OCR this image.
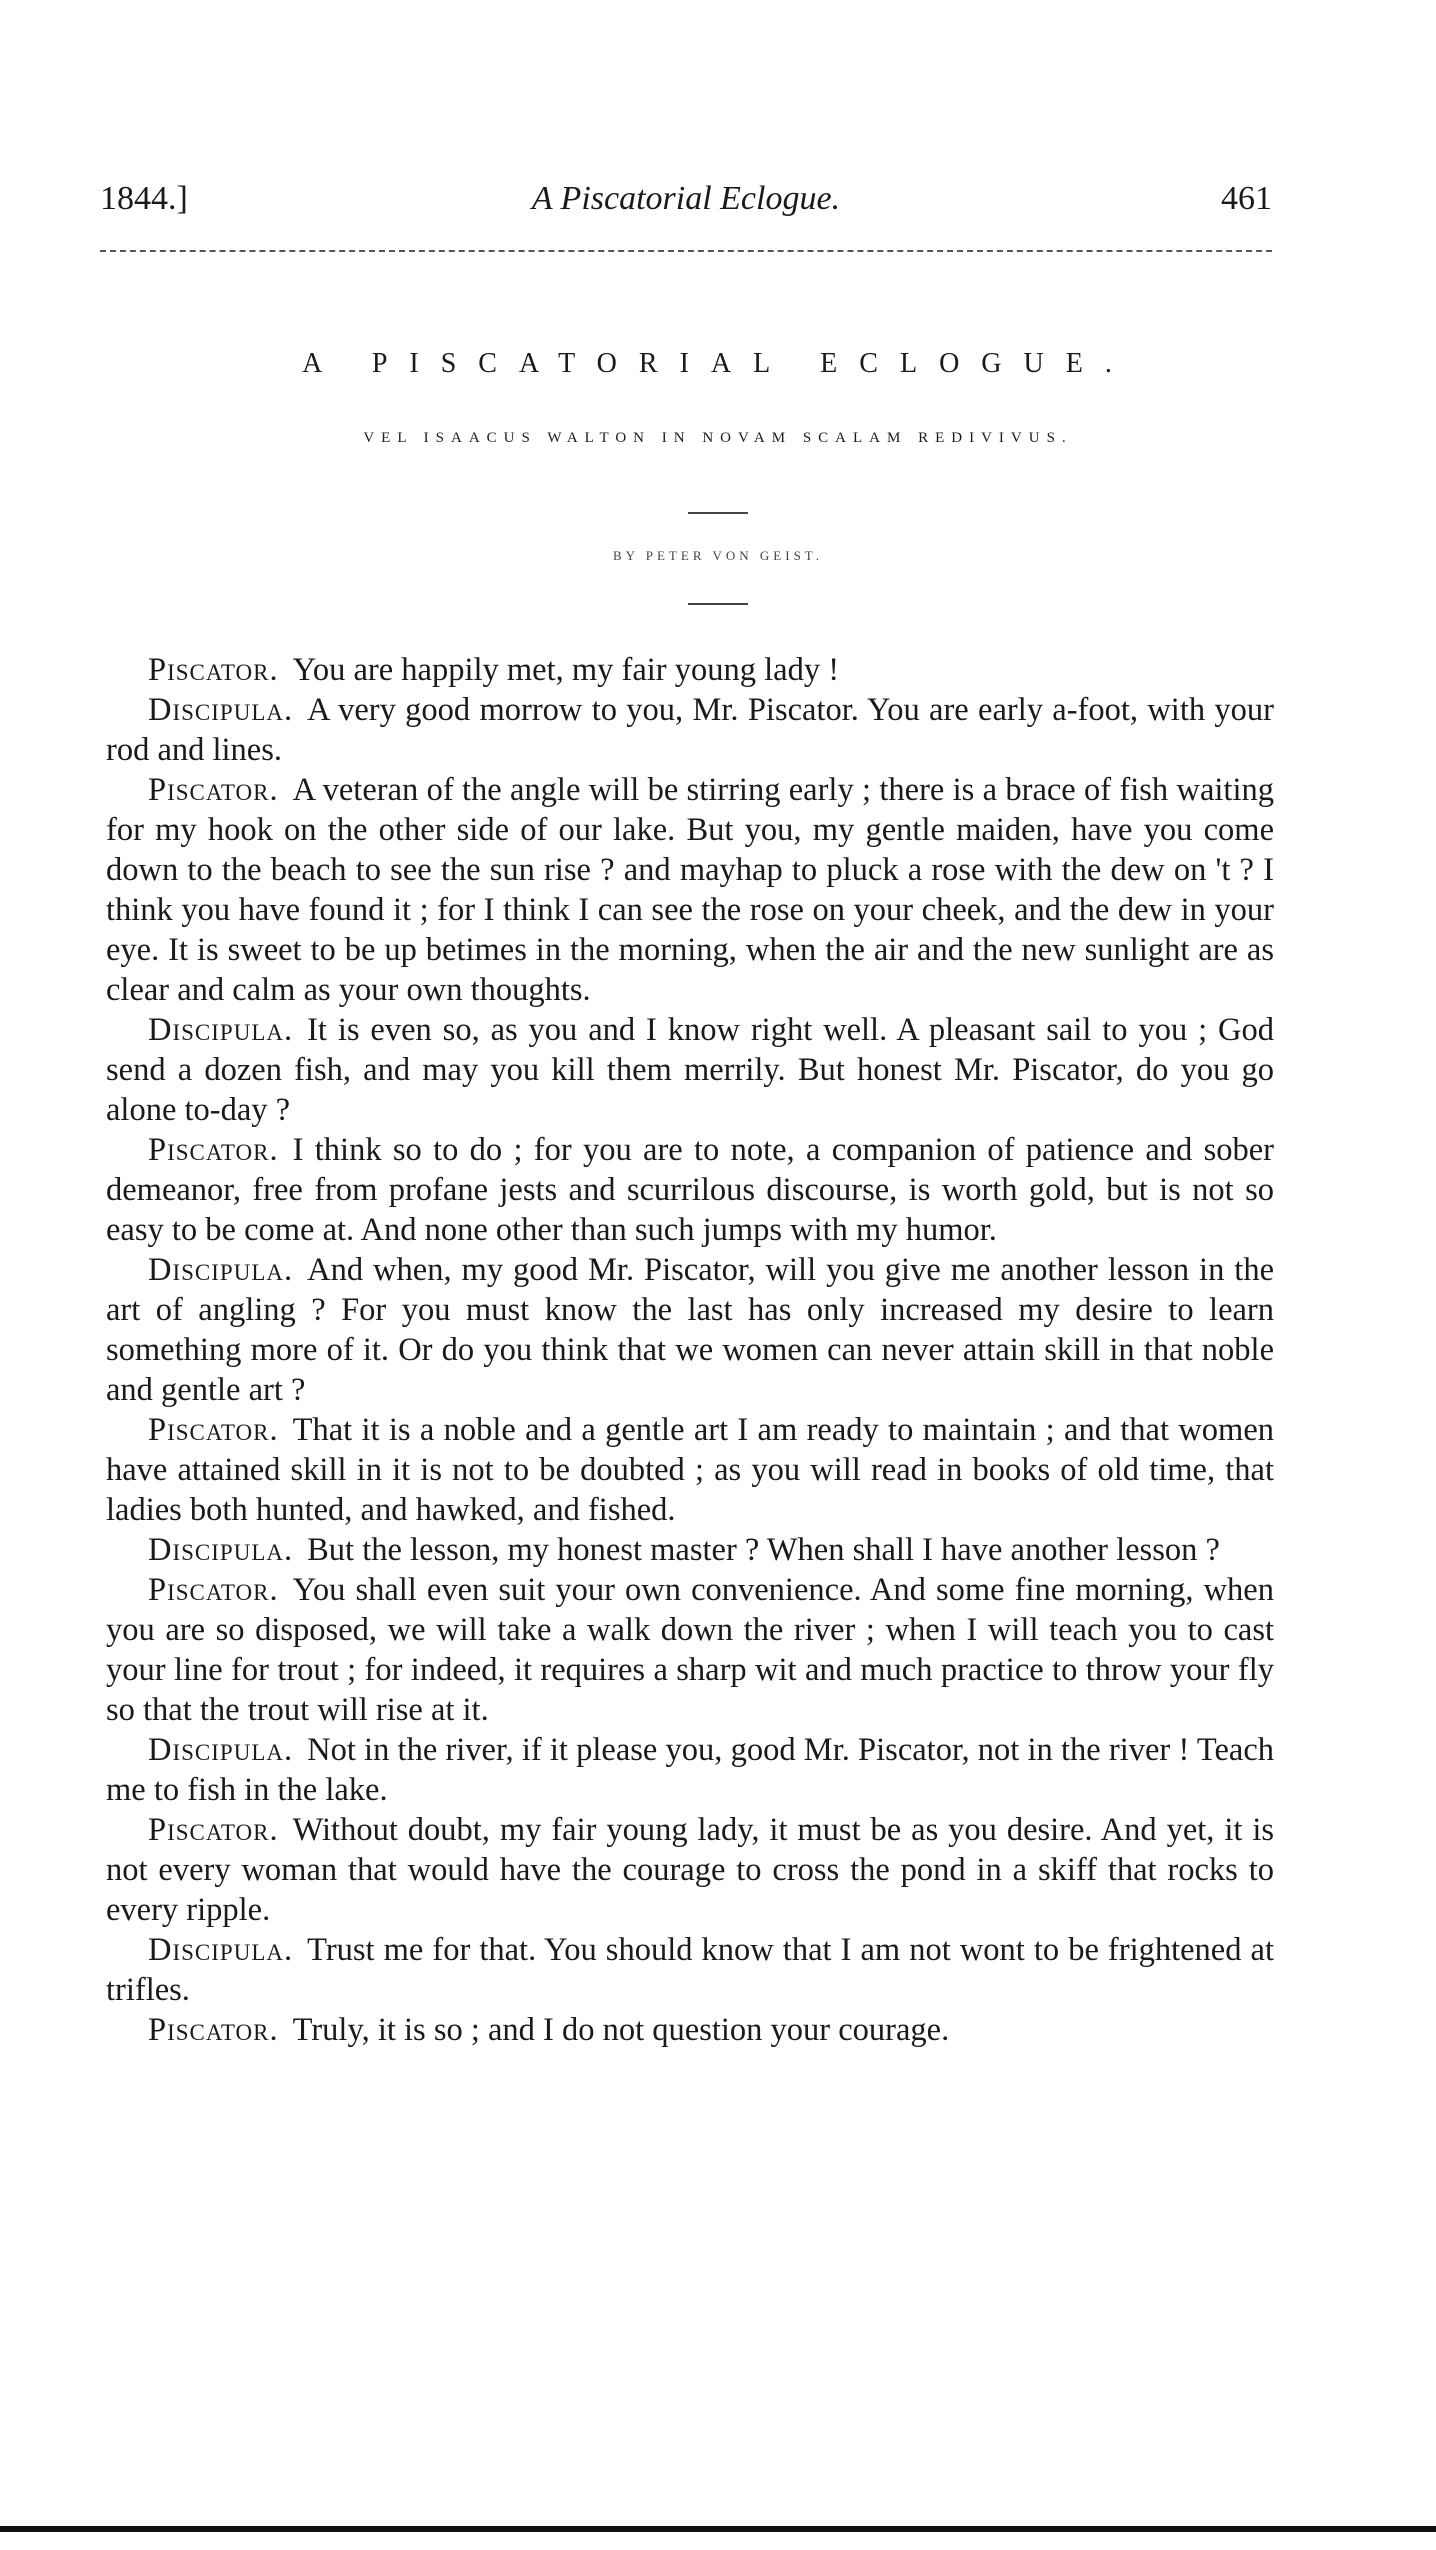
1844.]	A Piscatorial Eclogue.	461
A PISCATORIAL ECLOGUE.
VEL ISAACUS WALTON IN NOVAM SCALAM REDIVIVUS.
BY PETER VON GEIST.

Piscator. You are happily met, my fair young lady !

Discipula. A very good morrow to you, Mr. Piscator. You are early a-foot, with your rod and lines.

Piscator. A veteran of the angle will be stirring early ; there is a brace of fish waiting for my hook on the other side of our lake. But you, my gentle maiden, have you come down to the beach to see the sun rise ? and mayhap to pluck a rose with the dew on 't ? I think you have found it ; for I think I can see the rose on your cheek, and the dew in your eye. It is sweet to be up betimes in the morning, when the air and the new sunlight are as clear and calm as your own thoughts.

Discipula. It is even so, as you and I know right well. A pleasant sail to you ; God send a dozen fish, and may you kill them merrily. But honest Mr. Piscator, do you go alone to-day ?

Piscator. I think so to do ; for you are to note, a companion of patience and sober demeanor, free from profane jests and scurrilous discourse, is worth gold, but is not so easy to be come at. And none other than such jumps with my humor.

Discipula. And when, my good Mr. Piscator, will you give me another lesson in the art of angling ? For you must know the last has only increased my desire to learn something more of it. Or do you think that we women can never attain skill in that noble and gentle art ?

Piscator. That it is a noble and a gentle art I am ready to maintain ; and that women have attained skill in it is not to be doubted ; as you will read in books of old time, that ladies both hunted, and hawked, and fished.

Discipula. But the lesson, my honest master ? When shall I have another lesson ?

Piscator. You shall even suit your own convenience. And some fine morning, when you are so disposed, we will take a walk down the river ; when I will teach you to cast your line for trout ; for indeed, it requires a sharp wit and much practice to throw your fly so that the trout will rise at it.

Discipula. Not in the river, if it please you, good Mr. Piscator, not in the river ! Teach me to fish in the lake.

Piscator. Without doubt, my fair young lady, it must be as you desire. And yet, it is not every woman that would have the courage to cross the pond in a skiff that rocks to every ripple.

Discipula. Trust me for that. You should know that I am not wont to be frightened at trifles.

Piscator. Truly, it is so ; and I do not question your courage.
